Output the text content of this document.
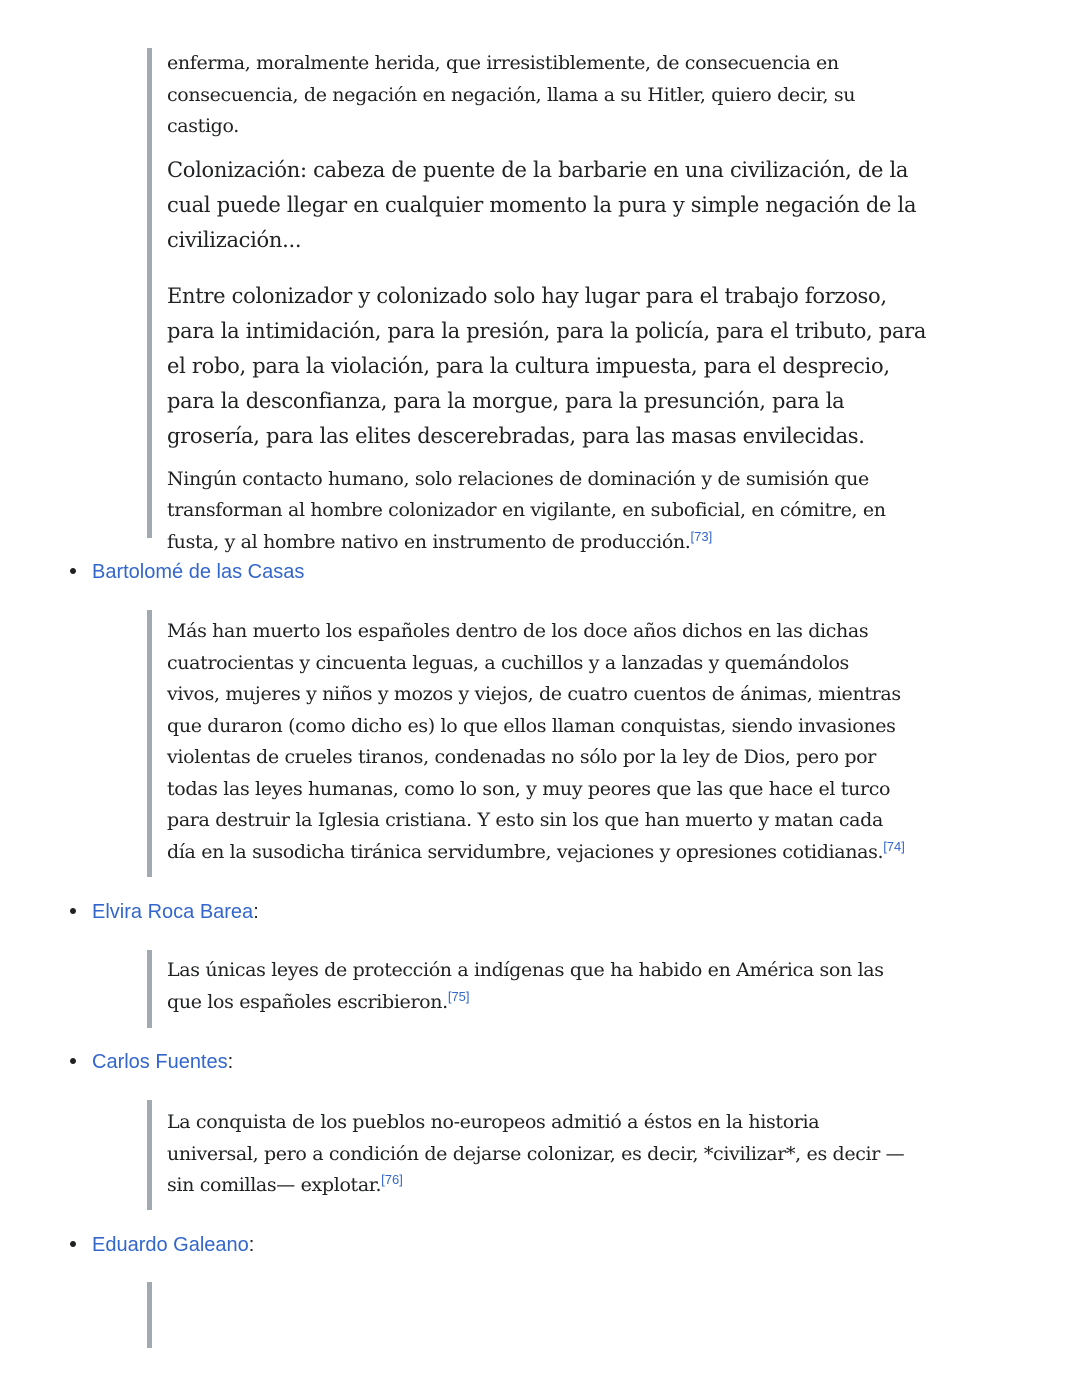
enferma, moralmente herida, que irresistiblemente, de consecuencia en consecuencia, de negación en negación, llama a su Hitler, quiero decir, su castigo.

Colonización: cabeza de puente de la barbarie en una civilización, de la cual puede llegar en cualquier momento la pura y simple negación de la civilización...

Entre colonizador y colonizado solo hay lugar para el trabajo forzoso, para la intimidación, para la presión, para la policía, para el tributo, para el robo, para la violación, para la cultura impuesta, para el desprecio, para la desconfianza, para la morgue, para la presunción, para la grosería, para las elites descerebradas, para las masas envilecidas.

Ningún contacto humano, solo relaciones de dominación y de sumisión que transforman al hombre colonizador en vigilante, en suboficial, en cómitre, en fusta, y al hombre nativo en instrumento de producción.[73]

Bartolomé de las Casas

Más han muerto los españoles dentro de los doce años dichos en las dichas cuatrocientas y cincuenta leguas, a cuchillos y a lanzadas y quemándolos vivos, mujeres y niños y mozos y viejos, de cuatro cuentos de ánimas, mientras que duraron (como dicho es) lo que ellos llaman conquistas, siendo invasiones violentas de crueles tiranos, condenadas no sólo por la ley de Dios, pero por todas las leyes humanas, como lo son, y muy peores que las que hace el turco para destruir la Iglesia cristiana. Y esto sin los que han muerto y matan cada día en la susodicha tiránica servidumbre, vejaciones y opresiones cotidianas.[74]

Elvira Roca Barea:

Las únicas leyes de protección a indígenas que ha habido en América son las que los españoles escribieron.[75]

Carlos Fuentes:

La conquista de los pueblos no-europeos admitió a éstos en la historia universal, pero a condición de dejarse colonizar, es decir, *civilizar*, es decir —sin comillas— explotar.[76]

Eduardo Galeano:
